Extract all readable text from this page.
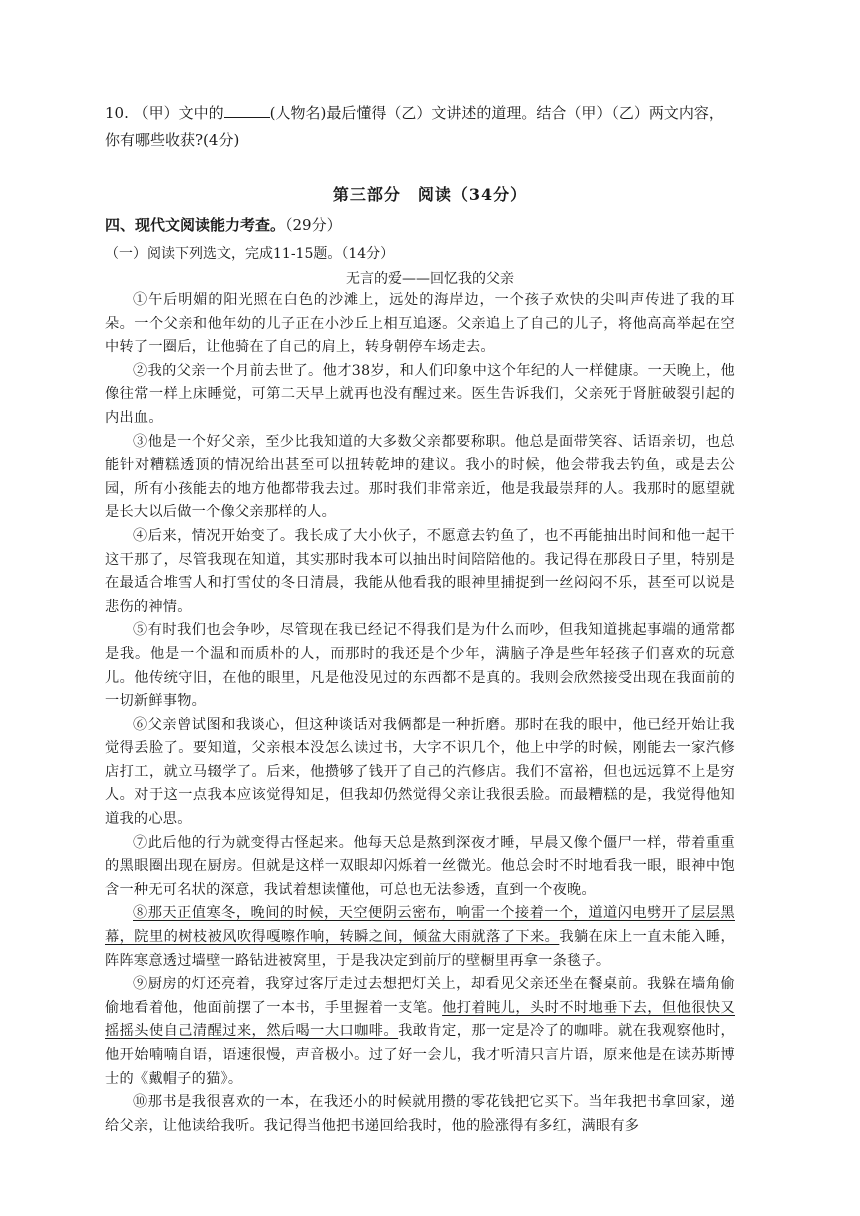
10. （甲）文中的	(人物名)最后懂得（乙）文讲述的道理。结合（甲）（乙）两文内容，你有哪些收获?(4分)
第三部分　阅读（34分）
四、现代文阅读能力考查。（29分）
（一）阅读下列选文，完成11-15题。（14分）
无言的爱——回忆我的父亲

①午后明媚的阳光照在白色的沙滩上，远处的海岸边，一个孩子欢快的尖叫声传进了我的耳朵。一个父亲和他年幼的儿子正在小沙丘上相互追逐。父亲追上了自己的儿子，将他高高举起在空中转了一圈后，让他骑在了自己的肩上，转身朝停车场走去。

②我的父亲一个月前去世了。他才38岁，和人们印象中这个年纪的人一样健康。一天晚上，他像往常一样上床睡觉，可第二天早上就再也没有醒过来。医生告诉我们，父亲死于肾脏破裂引起的内出血。

③他是一个好父亲，至少比我知道的大多数父亲都要称职。他总是面带笑容、话语亲切，也总能针对糟糕透顶的情况给出甚至可以扭转乾坤的建议。我小的时候，他会带我去钓鱼，或是去公园，所有小孩能去的地方他都带我去过。那时我们非常亲近，他是我最崇拜的人。我那时的愿望就是长大以后做一个像父亲那样的人。

④后来，情况开始变了。我长成了大小伙子，不愿意去钓鱼了，也不再能抽出时间和他一起干这干那了，尽管我现在知道，其实那时我本可以抽出时间陪陪他的。我记得在那段日子里，特别是在最适合堆雪人和打雪仗的冬日清晨，我能从他看我的眼神里捕捉到一丝闷闷不乐，甚至可以说是悲伤的神情。

⑤有时我们也会争吵，尽管现在我已经记不得我们是为什么而吵，但我知道挑起事端的通常都是我。他是一个温和而质朴的人，而那时的我还是个少年，满脑子净是些年轻孩子们喜欢的玩意儿。他传统守旧，在他的眼里，凡是他没见过的东西都不是真的。我则会欣然接受出现在我面前的一切新鲜事物。

⑥父亲曾试图和我谈心，但这种谈话对我俩都是一种折磨。那时在我的眼中，他已经开始让我觉得丢脸了。要知道，父亲根本没怎么读过书，大字不识几个，他上中学的时候，刚能去一家汽修店打工，就立马辍学了。后来，他攒够了钱开了自己的汽修店。我们不富裕，但也远远算不上是穷人。对于这一点我本应该觉得知足，但我却仍然觉得父亲让我很丢脸。而最糟糕的是，我觉得他知道我的心思。

⑦此后他的行为就变得古怪起来。他每天总是熬到深夜才睡，早晨又像个僵尸一样，带着重重的黑眼圈出现在厨房。但就是这样一双眼却闪烁着一丝微光。他总会时不时地看我一眼，眼神中饱含一种无可名状的深意，我试着想读懂他，可总也无法参透，直到一个夜晚。

⑧那天正值寒冬，晚间的时候，天空便阴云密布，响雷一个接着一个，道道闪电劈开了层层黑幕，院里的树枝被风吹得嘎嚓作响，转瞬之间，倾盆大雨就落了下来。我躺在床上一直未能入睡，阵阵寒意透过墙壁一路钻进被窝里，于是我决定到前厅的壁橱里再拿一条毯子。

⑨厨房的灯还亮着，我穿过客厅走过去想把灯关上，却看见父亲还坐在餐桌前。我躲在墙角偷偷地看着他，他面前摆了一本书，手里握着一支笔。他打着盹儿，头时不时地垂下去，但他很快又摇摇头使自己清醒过来，然后喝一大口咖啡。我敢肯定，那一定是冷了的咖啡。就在我观察他时，他开始喃喃自语，语速很慢，声音极小。过了好一会儿，我才听清只言片语，原来他是在读苏斯博士的《戴帽子的猫》。

⑩那书是我很喜欢的一本，在我还小的时候就用攒的零花钱把它买下。当年我把书拿回家，递给父亲，让他读给我听。我记得当他把书递回给我时，他的脸涨得有多红，满眼有多
